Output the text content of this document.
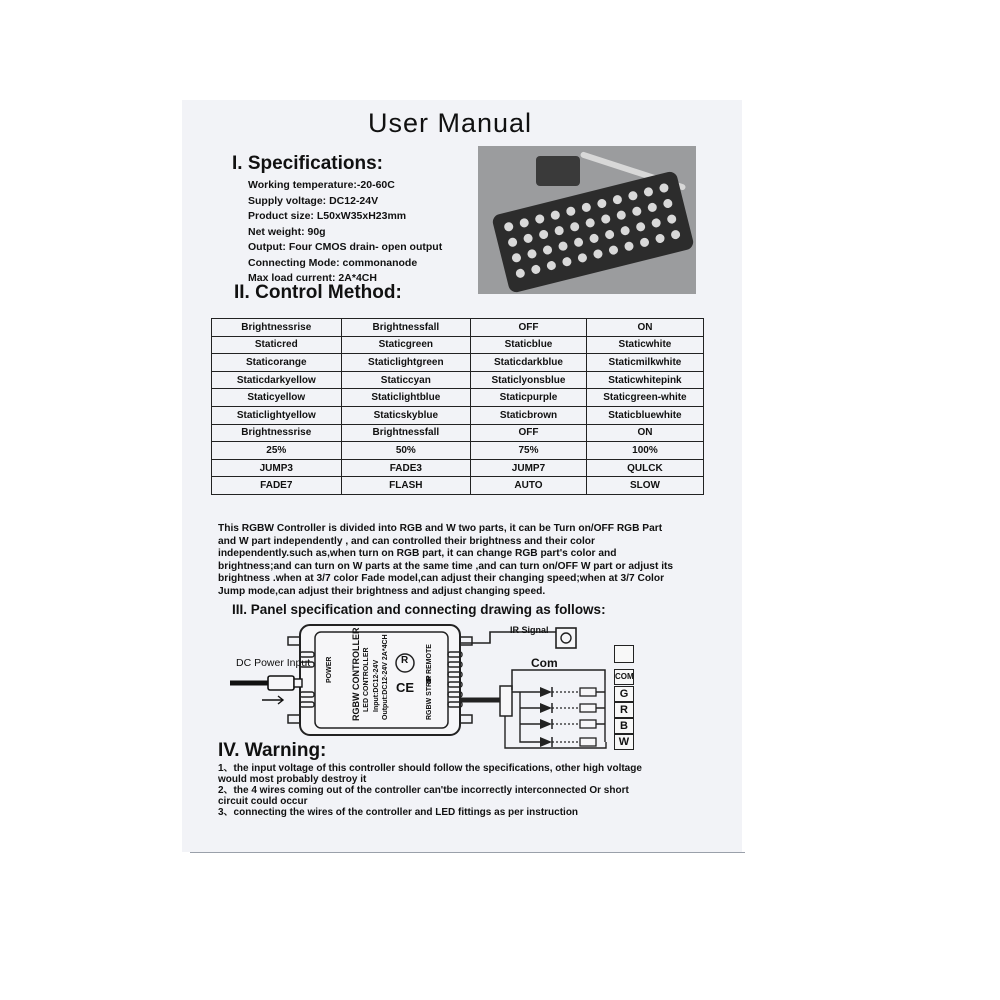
User Manual
I. Specifications:
Working temperature:-20-60C
Supply voltage: DC12-24V
Product size: L50xW35xH23mm
Net weight: 90g
Output: Four CMOS drain- open output
Connecting Mode: commonanode
Max load current: 2A*4CH
II. Control Method:
Brightnessrise	Brightnessfall	OFF	ON
Staticred	Staticgreen	Staticblue	Staticwhite
Staticorange	Staticlightgreen	Staticdarkblue	Staticmilkwhite
Staticdarkyellow	Staticcyan	Staticlyonsblue	Staticwhitepink
Staticyellow	Staticlightblue	Staticpurple	Staticgreen-white
Staticlightyellow	Staticskyblue	Staticbrown	Staticbluewhite
Brightnessrise	Brightnessfall	OFF	ON
25%	50%	75%	100%
JUMP3	FADE3	JUMP7	QULCK
FADE7	FLASH	AUTO	SLOW
This RGBW Controller is divided into RGB and W two parts, it can be Turn on/OFF RGB Part
and W part independently , and can controlled their brightness and their color
independently.such as,when turn on RGB part, it can change RGB part's color and
brightness;and can turn on W parts at the same time ,and can turn on/OFF W part or adjust its
brightness .when at 3/7 color Fade model,can adjust their changing speed;when at 3/7 Color
Jump mode,can adjust their brightness and adjust changing speed.
III. Panel specification and connecting drawing as follows:
DC Power Input
IR Signal
Com
CE
R
RGBW CONTROLLER LED CONTROLLER Input:DC12-24V Output:DC12-24V 2A*4CH
POWER
RGBW STRIP
IR REMOTE	COM
G
R
B
W
IV. Warning:
1、the input voltage of this controller should follow the specifications, other high voltage
would most probably destroy it
2、the 4 wires coming out of the controller can'tbe incorrectly interconnected Or short
circuit could occur
3、connecting the wires of the controller and LED fittings as per instruction
